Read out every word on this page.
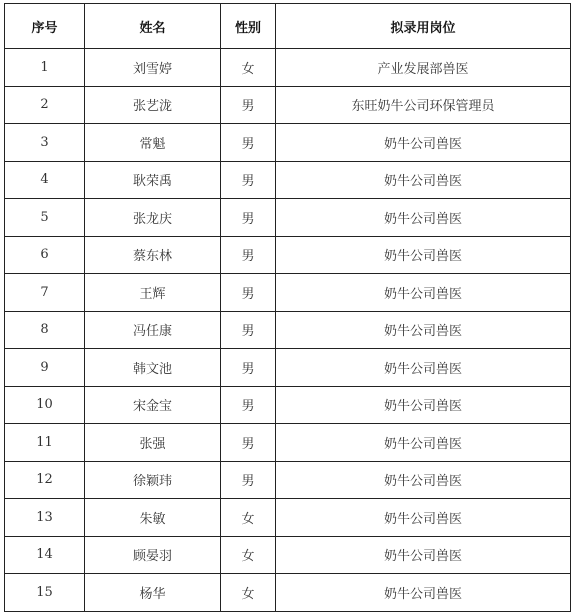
序号	姓名	性别	拟录用岗位
1	刘雪婷	女	产业发展部兽医
2	张艺泷	男	东旺奶牛公司环保管理员
3	常魁	男	奶牛公司兽医
4	耿荣禹	男	奶牛公司兽医
5	张龙庆	男	奶牛公司兽医
6	蔡东林	男	奶牛公司兽医
7	王辉	男	奶牛公司兽医
8	冯任康	男	奶牛公司兽医
9	韩文池	男	奶牛公司兽医
10	宋金宝	男	奶牛公司兽医
11	张强	男	奶牛公司兽医
12	徐颖玮	男	奶牛公司兽医
13	朱敏	女	奶牛公司兽医
14	顾晏羽	女	奶牛公司兽医
15	杨华	女	奶牛公司兽医
